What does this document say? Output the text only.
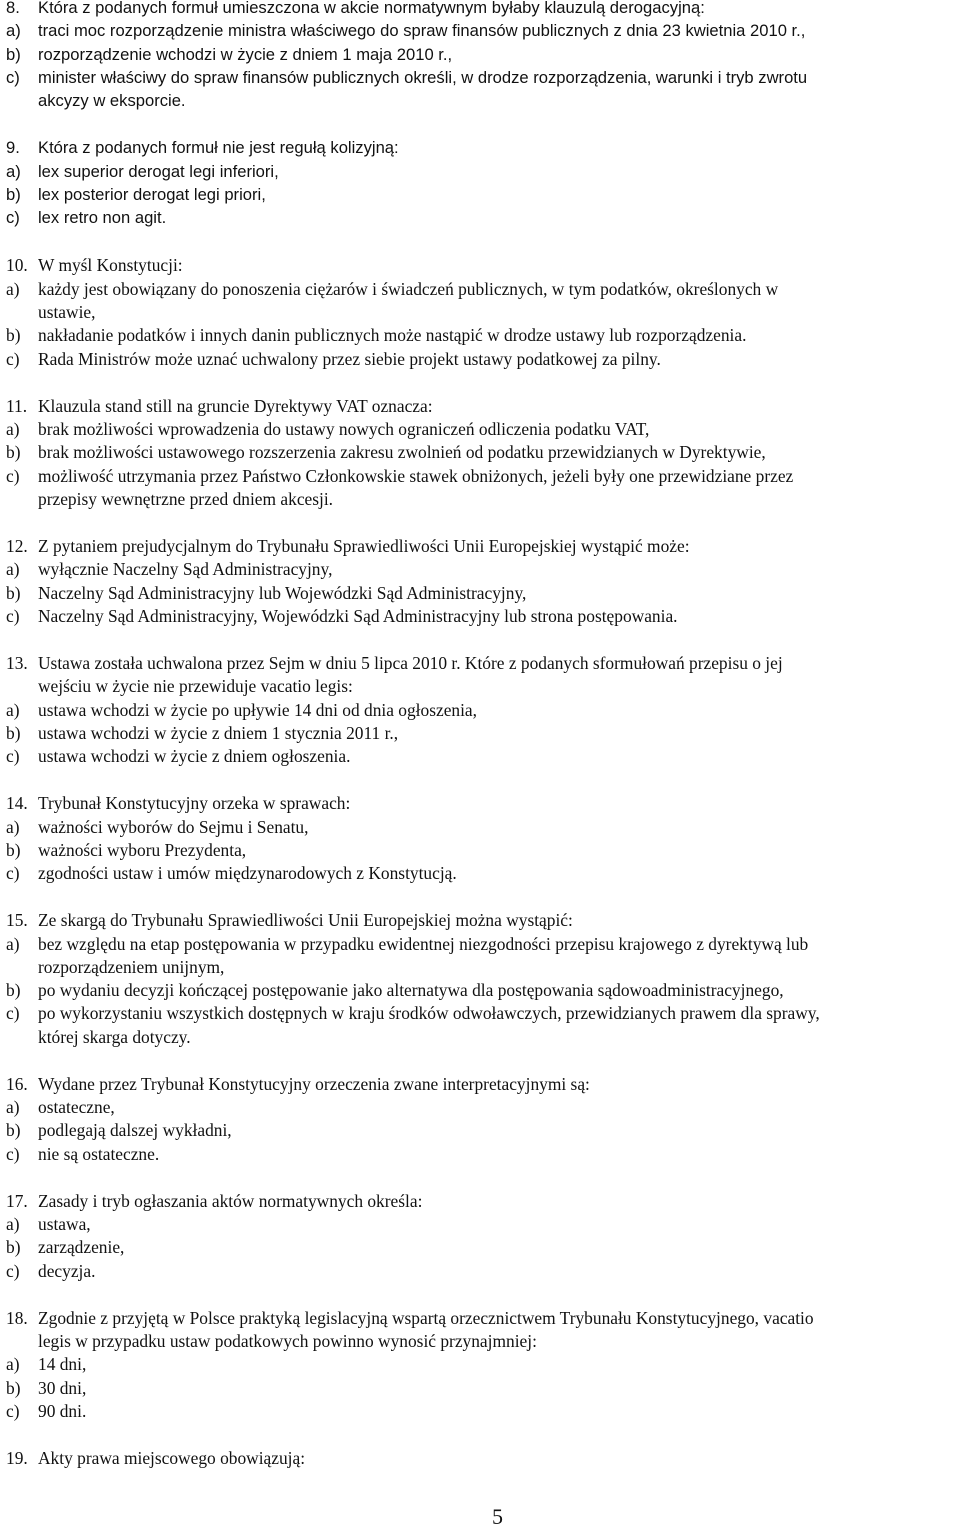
8. Która z podanych formuł umieszczona w akcie normatywnym byłaby klauzulą derogacyjną:
a) traci moc rozporządzenie ministra właściwego do spraw finansów publicznych z dnia 23 kwietnia 2010 r.,
b) rozporządzenie wchodzi w życie z dniem 1 maja 2010 r.,
c) minister właściwy do spraw finansów publicznych określi, w drodze rozporządzenia, warunki i tryb zwrotu
akcyzy w eksporcie.
9. Która z podanych formuł nie jest regułą kolizyjną:
a) lex superior derogat legi inferiori,
b) lex posterior derogat legi priori,
c) lex retro non agit.
10. W myśl Konstytucji:
a) każdy jest obowiązany do ponoszenia ciężarów i świadczeń publicznych, w tym podatków, określonych w
ustawie,
b) nakładanie podatków i innych danin publicznych może nastąpić w drodze ustawy lub rozporządzenia.
c) Rada Ministrów może uznać uchwalony przez siebie projekt ustawy podatkowej za pilny.
11. Klauzula stand still na gruncie Dyrektywy VAT oznacza:
a) brak możliwości wprowadzenia do ustawy nowych ograniczeń odliczenia podatku VAT,
b) brak możliwości ustawowego rozszerzenia zakresu zwolnień od podatku przewidzianych w Dyrektywie,
c) możliwość utrzymania przez Państwo Członkowskie stawek obniżonych, jeżeli były one przewidziane przez
przepisy wewnętrzne przed dniem akcesji.
12. Z pytaniem prejudycjalnym do Trybunału Sprawiedliwości Unii Europejskiej wystąpić może:
a) wyłącznie Naczelny Sąd Administracyjny,
b) Naczelny Sąd Administracyjny lub Wojewódzki Sąd Administracyjny,
c) Naczelny Sąd Administracyjny, Wojewódzki Sąd Administracyjny lub strona postępowania.
13. Ustawa została uchwalona przez Sejm w dniu 5 lipca 2010 r. Które z podanych sformułowań przepisu o jej
wejściu w życie nie przewiduje vacatio legis:
a) ustawa wchodzi w życie po upływie 14 dni od dnia ogłoszenia,
b) ustawa wchodzi w życie z dniem 1 stycznia 2011 r.,
c) ustawa wchodzi w życie z dniem ogłoszenia.
14. Trybunał Konstytucyjny orzeka w sprawach:
a) ważności wyborów do Sejmu i Senatu,
b) ważności wyboru Prezydenta,
c) zgodności ustaw i umów międzynarodowych z Konstytucją.
15. Ze skargą do Trybunału Sprawiedliwości Unii Europejskiej można wystąpić:
a) bez względu na etap postępowania w przypadku ewidentnej niezgodności przepisu krajowego z dyrektywą lub
rozporządzeniem unijnym,
b) po wydaniu decyzji kończącej postępowanie jako alternatywa dla postępowania sądowoadministracyjnego,
c) po wykorzystaniu wszystkich dostępnych w kraju środków odwoławczych, przewidzianych prawem dla sprawy,
której skarga dotyczy.
16. Wydane przez Trybunał Konstytucyjny orzeczenia zwane interpretacyjnymi są:
a) ostateczne,
b) podlegają dalszej wykładni,
c) nie są ostateczne.
17. Zasady i tryb ogłaszania aktów normatywnych określa:
a) ustawa,
b) zarządzenie,
c) decyzja.
18. Zgodnie z przyjętą w Polsce praktyką legislacyjną wspartą orzecznictwem Trybunału Konstytucyjnego, vacatio
legis w przypadku ustaw podatkowych powinno wynosić przynajmniej:
a) 14 dni,
b) 30 dni,
c) 90 dni.
19. Akty prawa miejscowego obowiązują:
5
